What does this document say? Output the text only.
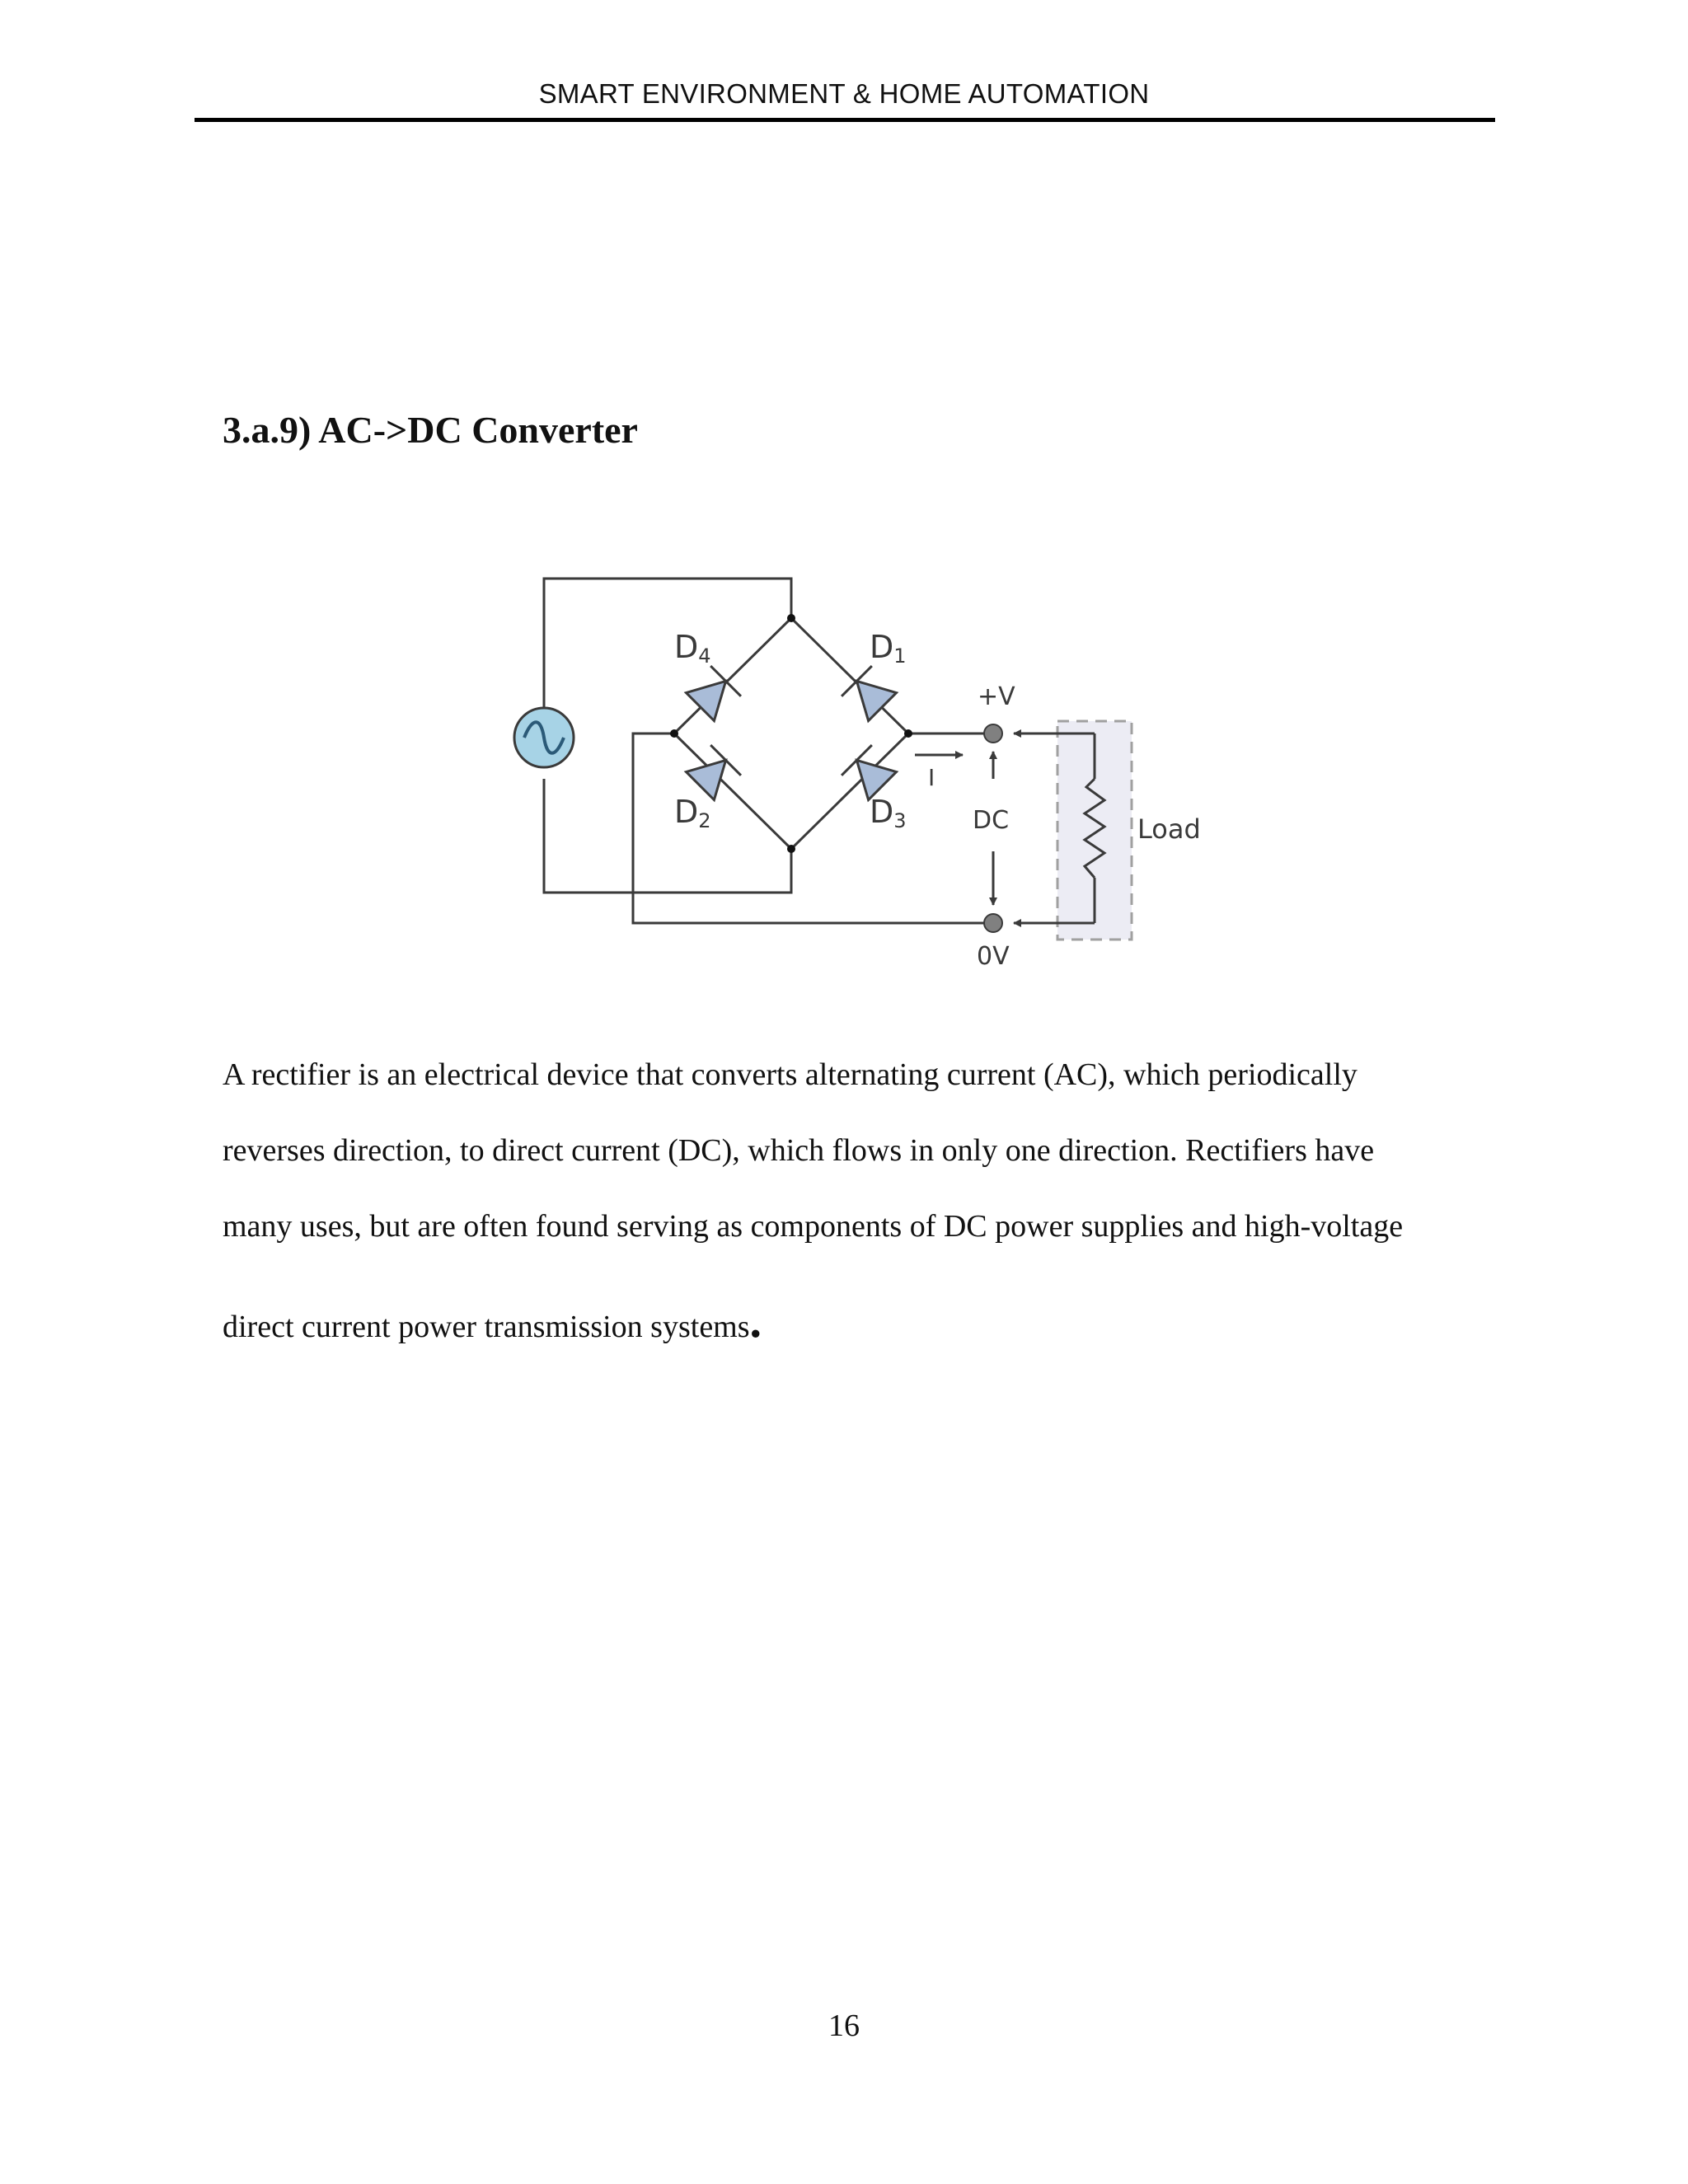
SMART ENVIRONMENT & HOME AUTOMATION
3.a.9) AC->DC Converter
D4	D1
D2	D3
+V
0V
DC
I
Load
A rectifier is an electrical device that converts alternating current (AC), which periodically
reverses direction, to direct current (DC), which flows in only one direction. Rectifiers have
many uses, but are often found serving as components of DC power supplies and high-voltage
direct current power transmission systems.
16
